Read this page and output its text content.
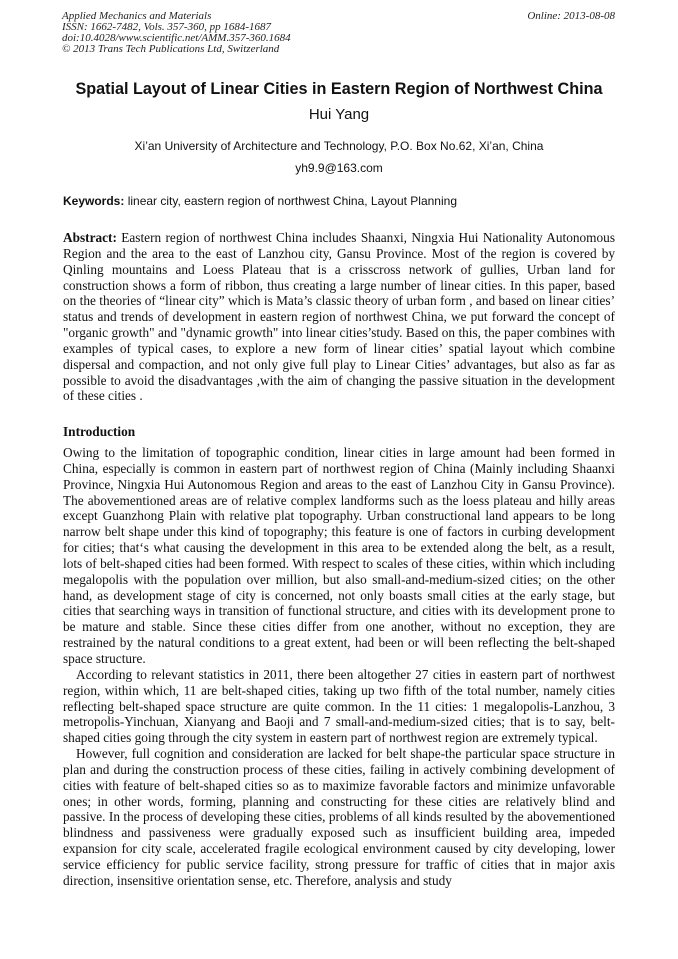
Applied Mechanics and Materials
ISSN: 1662-7482, Vols. 357-360, pp 1684-1687
doi:10.4028/www.scientific.net/AMM.357-360.1684
© 2013 Trans Tech Publications Ltd, Switzerland
Online: 2013-08-08
Spatial Layout of Linear Cities in Eastern Region of Northwest China
Hui Yang
Xi’an University of Architecture and Technology, P.O. Box No.62, Xi’an, China
yh9.9@163.com
Keywords: linear city, eastern region of northwest China, Layout Planning
Abstract: Eastern region of northwest China includes Shaanxi, Ningxia Hui Nationality Autonomous Region and the area to the east of Lanzhou city, Gansu Province. Most of the region is covered by Qinling mountains and Loess Plateau that is a crisscross network of gullies, Urban land for construction shows a form of ribbon, thus creating a large number of linear cities. In this paper, based on the theories of “linear city” which is Mata’s classic theory of urban form , and based on linear cities’ status and trends of development in eastern region of northwest China, we put forward the concept of "organic growth" and "dynamic growth" into linear cities’study. Based on this, the paper combines with examples of typical cases, to explore a new form of linear cities’ spatial layout which combine dispersal and compaction, and not only give full play to Linear Cities’ advantages, but also as far as possible to avoid the disadvantages ,with the aim of changing the passive situation in the development of these cities .
Introduction

Owing to the limitation of topographic condition, linear cities in large amount had been formed in China, especially is common in eastern part of northwest region of China (Mainly including Shaanxi Province, Ningxia Hui Autonomous Region and areas to the east of Lanzhou City in Gansu Province). The abovementioned areas are of relative complex landforms such as the loess plateau and hilly areas except Guanzhong Plain with relative plat topography. Urban constructional land appears to be long narrow belt shape under this kind of topography; this feature is one of factors in curbing development for cities; that‘s what causing the development in this area to be extended along the belt, as a result, lots of belt-shaped cities had been formed. With respect to scales of these cities, within which including megalopolis with the population over million, but also small-and-medium-sized cities; on the other hand, as development stage of city is concerned, not only boasts small cities at the early stage, but cities that searching ways in transition of functional structure, and cities with its development prone to be mature and stable. Since these cities differ from one another, without no exception, they are restrained by the natural conditions to a great extent, had been or will been reflecting the belt-shaped space structure.

According to relevant statistics in 2011, there been altogether 27 cities in eastern part of northwest region, within which, 11 are belt-shaped cities, taking up two fifth of the total number, namely cities reflecting belt-shaped space structure are quite common. In the 11 cities: 1 megalopolis-Lanzhou, 3 metropolis-Yinchuan, Xianyang and Baoji and 7 small-and-medium-sized cities; that is to say, belt-shaped cities going through the city system in eastern part of northwest region are extremely typical.

However, full cognition and consideration are lacked for belt shape-the particular space structure in plan and during the construction process of these cities, failing in actively combining development of cities with feature of belt-shaped cities so as to maximize favorable factors and minimize unfavorable ones; in other words, forming, planning and constructing for these cities are relatively blind and passive. In the process of developing these cities, problems of all kinds resulted by the abovementioned blindness and passiveness were gradually exposed such as insufficient building area, impeded expansion for city scale, accelerated fragile ecological environment caused by city developing, lower service efficiency for public service facility, strong pressure for traffic of cities that in major axis direction, insensitive orientation sense, etc. Therefore, analysis and study
